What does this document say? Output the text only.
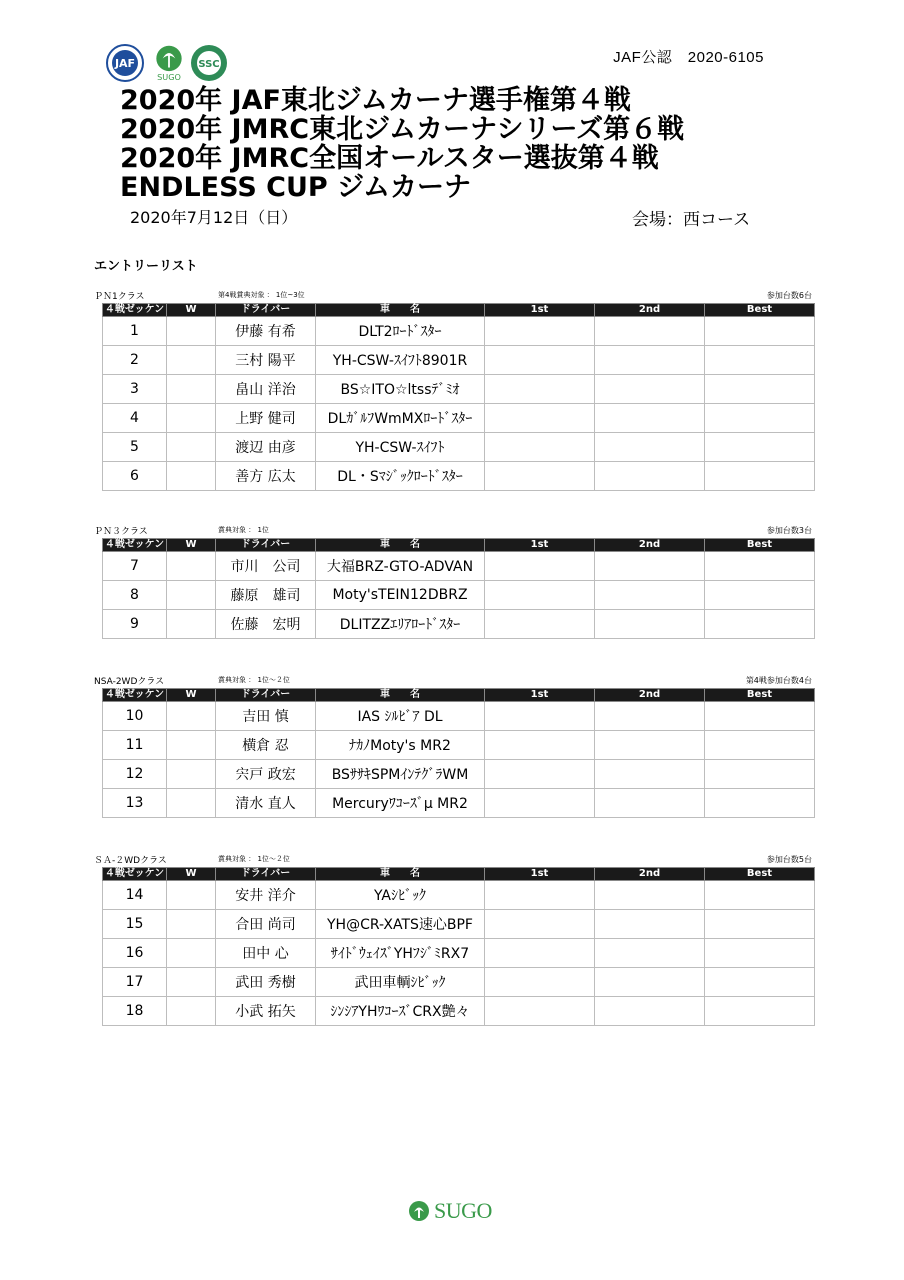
JAF
SUGO
SSC	JAF公認　2020-6105
2020年 JAF東北ジムカーナ選手権第４戦
2020年 JMRC東北ジムカーナシリーズ第６戦
2020年 JMRC全国オールスター選抜第４戦
ENDLESS CUP ジムカーナ
2020年7月12日（日）	会場：西コース
エントリーリスト
ＰＮ1クラス	第4戦賞典対象 ： 1位~3位	参加台数6台
４戦ゼッケン	W	ドライバー	車　　名	1st	2nd	Best
1		伊藤 有希	DLT2ﾛｰﾄﾞｽﾀｰ			
2		三村 陽平	YH-CSW-ｽｲﾌﾄ8901R			
3		畠山 洋治	BS☆ITO☆ltssﾃﾞﾐｵ			
4		上野 健司	DLｶﾞﾙﾌWmMXﾛｰﾄﾞｽﾀｰ			
5		渡辺 由彦	YH-CSW-ｽｲﾌﾄ			
6		善方 広太	DL・Sﾏｼﾞｯｸﾛｰﾄﾞｽﾀｰ			
ＰＮ３クラス	賞典対象 ： 1位	参加台数3台
４戦ゼッケン	W	ドライバー	車　　名	1st	2nd	Best
7		市川　公司	大福BRZ-GTO-ADVAN			
8		藤原　雄司	Moty'sTEIN12DBRZ			
9		佐藤　宏明	DLITZZｴﾘｱﾛｰﾄﾞｽﾀｰ			
NSA-2WDクラス	賞典対象 ： 1位～２位	第4戦参加台数4台
４戦ゼッケン	W	ドライバー	車　　名	1st	2nd	Best
10		吉田 慎	IAS ｼﾙﾋﾞｱ DL			
11		横倉 忍	ﾅｶﾉMoty's MR2			
12		宍戸 政宏	BSｻｻｷSPMｲﾝﾃｸﾞﾗWM			
13		清水 直人	Mercuryﾜｺｰｽﾞμ MR2			
ＳＡ-２WDクラス	賞典対象 ： 1位～２位	参加台数5台
４戦ゼッケン	W	ドライバー	車　　名	1st	2nd	Best
14		安井 洋介	YAｼﾋﾞｯｸ			
15		合田 尚司	YH@CR-XATS速心BPF			
16		田中 心	ｻｲﾄﾞｳｪｲｽﾞYHﾌｼﾞﾐRX7			
17		武田 秀樹	武田車輌ｼﾋﾞｯｸ			
18		小武 拓矢	ｼﾝｼｱYHﾜｺｰｽﾞCRX艶々			
SUGO
